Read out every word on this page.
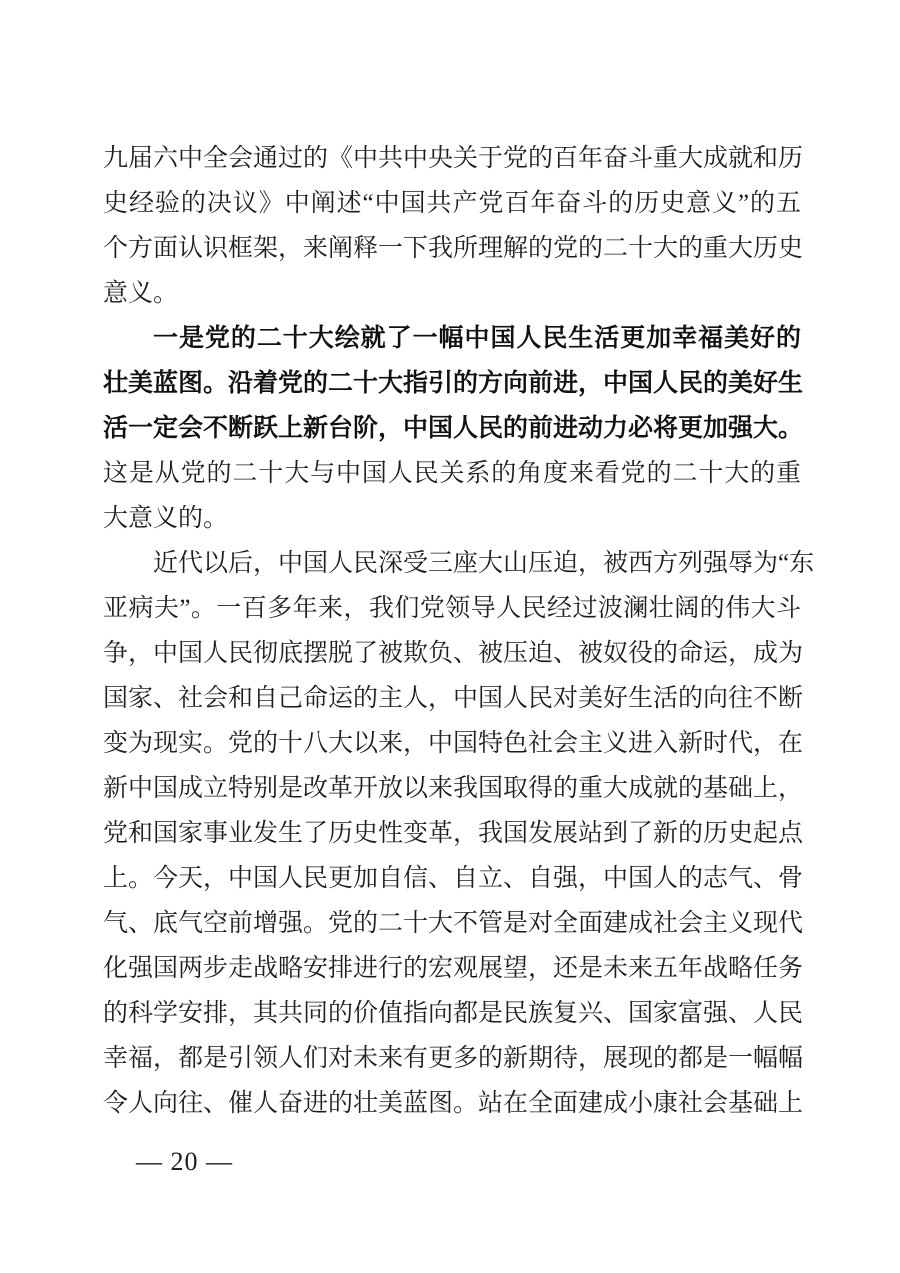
九届六中全会通过的《中共中央关于党的百年奋斗重大成就和历
史经验的决议》中阐述“中国共产党百年奋斗的历史意义”的五
个方面认识框架，来阐释一下我所理解的党的二十大的重大历史
意义。
一是党的二十大绘就了一幅中国人民生活更加幸福美好的
壮美蓝图。沿着党的二十大指引的方向前进，中国人民的美好生
活一定会不断跃上新台阶，中国人民的前进动力必将更加强大。
这是从党的二十大与中国人民关系的角度来看党的二十大的重
大意义的。
近代以后，中国人民深受三座大山压迫，被西方列强辱为“东
亚病夫”。一百多年来，我们党领导人民经过波澜壮阔的伟大斗
争，中国人民彻底摆脱了被欺负、被压迫、被奴役的命运，成为
国家、社会和自己命运的主人，中国人民对美好生活的向往不断
变为现实。党的十八大以来，中国特色社会主义进入新时代，在
新中国成立特别是改革开放以来我国取得的重大成就的基础上，
党和国家事业发生了历史性变革，我国发展站到了新的历史起点
上。今天，中国人民更加自信、自立、自强，中国人的志气、骨
气、底气空前增强。党的二十大不管是对全面建成社会主义现代
化强国两步走战略安排进行的宏观展望，还是未来五年战略任务
的科学安排，其共同的价值指向都是民族复兴、国家富强、人民
幸福，都是引领人们对未来有更多的新期待，展现的都是一幅幅
令人向往、催人奋进的壮美蓝图。站在全面建成小康社会基础上
— 20 —
